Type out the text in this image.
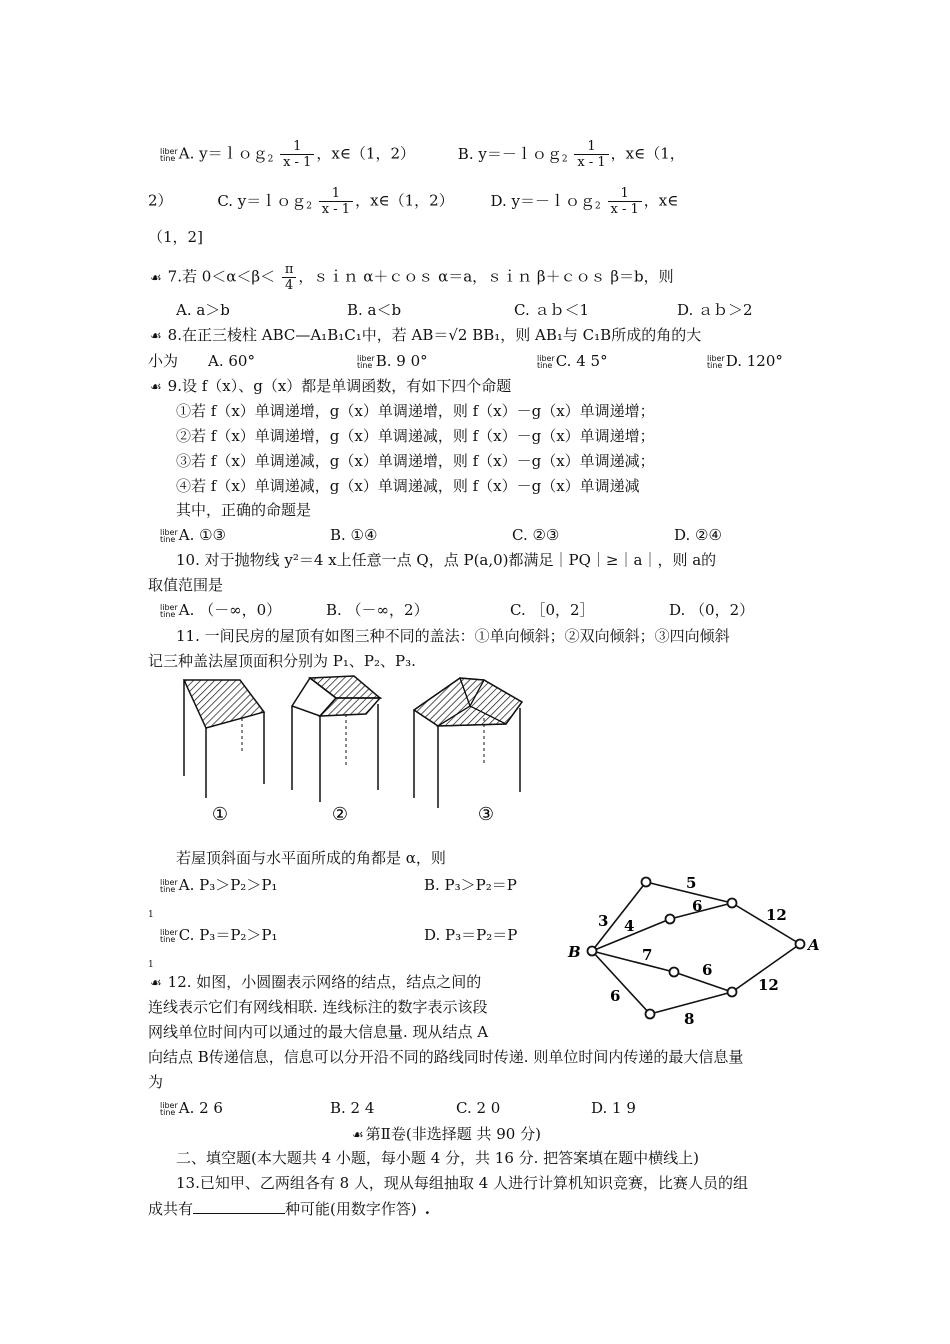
liber
tine A. y＝ｌｏｇ$_2$ $\frac{1}{x - 1}$ ，x∈（1，2）	B. y＝－ｌｏｇ$_2$ $\frac{1}{x - 1}$ ，x∈（1，
2）	C. y＝ｌｏｇ$_2$ $\frac{1}{x - 1}$ ，x∈（1，2） D. y＝－ｌｏｇ$_2$ $\frac{1}{x - 1}$ ，x∈
（1，2]
☙ 7.若 $0<\alpha<\beta< \frac{\pi}{4}$ ，ｓｉｎ α＋ｃｏｓ α＝a，ｓｉｎ β＋ｃｏｓ β＝b，则
A. a＞b	B. a＜b	C. ａｂ＜1	D. ａｂ＞2
☙ 8.在正三棱柱 ABC—A₁B₁C₁中，若 AB＝√2 BB₁，则 AB₁与 C₁B所成的角的大
小为 A. 60°	liber
tine B. 9 0°	liber
tine C. 4 5°	liber
tine D. 120°
☙ 9.设 f（x）、g（x）都是单调函数，有如下四个命题
①若 f（x）单调递增，g（x）单调递增，则 f（x）－g（x）单调递增；
②若 f（x）单调递增，g（x）单调递减，则 f（x）－g（x）单调递增；
③若 f（x）单调递减，g（x）单调递增，则 f（x）－g（x）单调递减；
④若 f（x）单调递减，g（x）单调递减，则 f（x）－g（x）单调递减
其中，正确的命题是
liber
tine A. ①③	B. ①④	C. ②③	D. ②④
10. 对于抛物线 y²＝4 x上任意一点 Q，点 P(a,0)都满足｜PQ｜≥｜a｜，则 a的
取值范围是
liber
tine A. （－∞，0）	B. （－∞，2）	C. ［0，2］	D. （0，2）
11. 一间民房的屋顶有如图三种不同的盖法：①单向倾斜；②双向倾斜；③四向倾斜
记三种盖法屋顶面积分别为 P₁、P₂、P₃.
①	②	③
若屋顶斜面与水平面所成的角都是 α，则
liber
tine A. P₃＞P₂＞P₁	B. P₃＞P₂＝P
1
liber
tine C. P₃＝P₂＞P₁	D. P₃＝P₂＝P
1
B	A
3
5
4
6	12
7
6
12
6
8
☙ 12. 如图，小圆圈表示网络的结点，结点之间的
连线表示它们有网线相联. 连线标注的数字表示该段
网线单位时间内可以通过的最大信息量. 现从结点 A
向结点 B传递信息，信息可以分开沿不同的路线同时传递. 则单位时间内传递的最大信息量
为
liber
tine A. 2 6	B. 2 4	C. 2 0	D. 1 9
☙ 第Ⅱ卷(非选择题 共 90 分)
二、填空题(本大题共 4 小题，每小题 4 分，共 16 分. 把答案填在题中横线上)
13.已知甲、乙两组各有 8 人，现从每组抽取 4 人进行计算机知识竞赛，比赛人员的组
成共有	种可能(用数字作答) .
